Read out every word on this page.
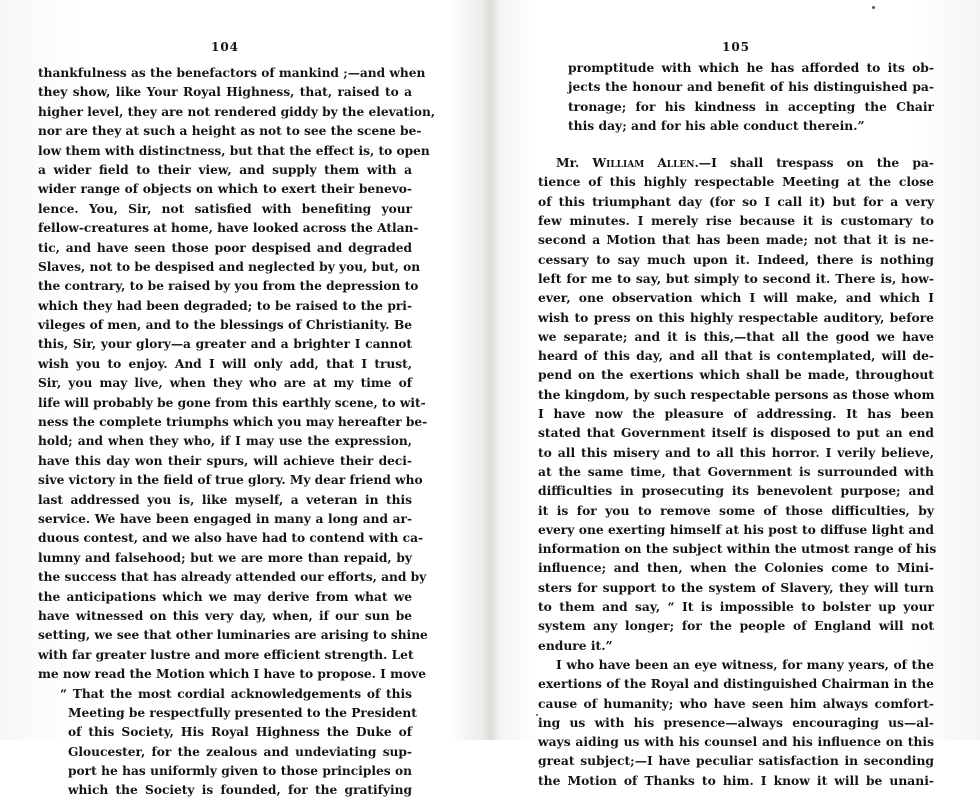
104
thankfulness as the benefactors of mankind ;—and when
they show, like Your Royal Highness, that, raised to a
higher level, they are not rendered giddy by the elevation,
nor are they at such a height as not to see the scene be-
low them with distinctness, but that the effect is, to open
a wider field to their view, and supply them with a
wider range of objects on which to exert their benevo-
lence. You, Sir, not satisfied with benefiting your
fellow-creatures at home, have looked across the Atlan-
tic, and have seen those poor despised and degraded
Slaves, not to be despised and neglected by you, but, on
the contrary, to be raised by you from the depression to
which they had been degraded; to be raised to the pri-
vileges of men, and to the blessings of Christianity. Be
this, Sir, your glory—a greater and a brighter I cannot
wish you to enjoy. And I will only add, that I trust,
Sir, you may live, when they who are at my time of
life will probably be gone from this earthly scene, to wit-
ness the complete triumphs which you may hereafter be-
hold; and when they who, if I may use the expression,
have this day won their spurs, will achieve their deci-
sive victory in the field of true glory. My dear friend who
last addressed you is, like myself, a veteran in this
service. We have been engaged in many a long and ar-
duous contest, and we also have had to contend with ca-
lumny and falsehood; but we are more than repaid, by
the success that has already attended our efforts, and by
the anticipations which we may derive from what we
have witnessed on this very day, when, if our sun be
setting, we see that other luminaries are arising to shine
with far greater lustre and more efficient strength. Let
me now read the Motion which I have to propose. I move
“ That the most cordial acknowledgements of this
Meeting be respectfully presented to the President
of this Society, His Royal Highness the Duke of
Gloucester, for the zealous and undeviating sup-
port he has uniformly given to those principles on
which the Society is founded, for the gratifying
105
promptitude with which he has afforded to its ob-
jects the honour and benefit of his distinguished pa-
tronage; for his kindness in accepting the Chair
this day; and for his able conduct therein.”
Mr. William Allen.—I shall trespass on the pa-
tience of this highly respectable Meeting at the close
of this triumphant day (for so I call it) but for a very
few minutes. I merely rise because it is customary to
second a Motion that has been made; not that it is ne-
cessary to say much upon it. Indeed, there is nothing
left for me to say, but simply to second it. There is, how-
ever, one observation which I will make, and which I
wish to press on this highly respectable auditory, before
we separate; and it is this,—that all the good we have
heard of this day, and all that is contemplated, will de-
pend on the exertions which shall be made, throughout
the kingdom, by such respectable persons as those whom
I have now the pleasure of addressing. It has been
stated that Government itself is disposed to put an end
to all this misery and to all this horror. I verily believe,
at the same time, that Government is surrounded with
difficulties in prosecuting its benevolent purpose; and
it is for you to remove some of those difficulties, by
every one exerting himself at his post to diffuse light and
information on the subject within the utmost range of his
influence; and then, when the Colonies come to Mini-
sters for support to the system of Slavery, they will turn
to them and say, “ It is impossible to bolster up your
system any longer; for the people of England will not
endure it.”
I who have been an eye witness, for many years, of the
exertions of the Royal and distinguished Chairman in the
cause of humanity; who have seen him always comfort-
ing us with his presence—always encouraging us—al-
ways aiding us with his counsel and his influence on this
great subject;—I have peculiar satisfaction in seconding
the Motion of Thanks to him. I know it will be unani-
